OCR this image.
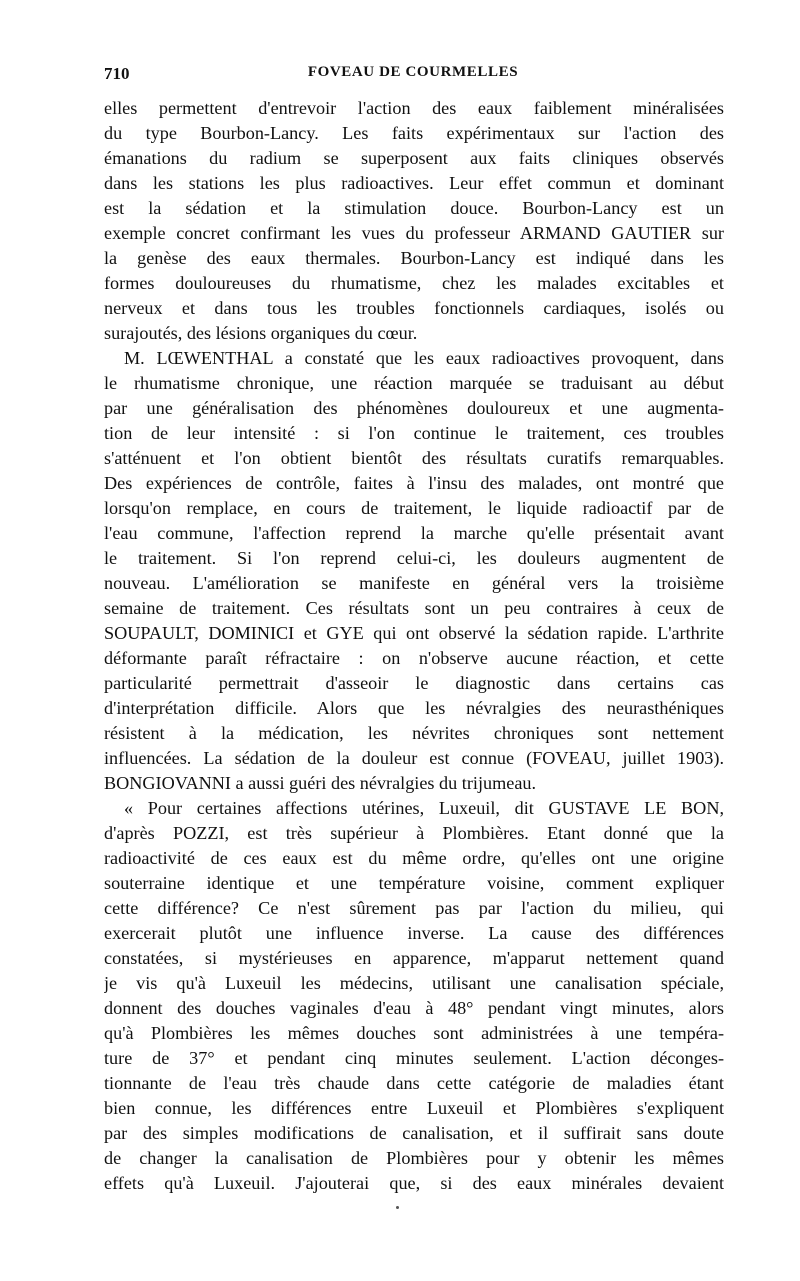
710	FOVEAU DE COURMELLES
elles permettent d'entrevoir l'action des eaux faiblement minéralisées
du type Bourbon-Lancy. Les faits expérimentaux sur l'action des
émanations du radium se superposent aux faits cliniques observés
dans les stations les plus radioactives. Leur effet commun et dominant
est la sédation et la stimulation douce. Bourbon-Lancy est un
exemple concret confirmant les vues du professeur ARMAND GAUTIER sur
la genèse des eaux thermales. Bourbon-Lancy est indiqué dans les
formes douloureuses du rhumatisme, chez les malades excitables et
nerveux et dans tous les troubles fonctionnels cardiaques, isolés ou
surajoutés, des lésions organiques du cœur.
M. LŒWENTHAL a constaté que les eaux radioactives provoquent, dans
le rhumatisme chronique, une réaction marquée se traduisant au début
par une généralisation des phénomènes douloureux et une augmenta-
tion de leur intensité : si l'on continue le traitement, ces troubles
s'atténuent et l'on obtient bientôt des résultats curatifs remarquables.
Des expériences de contrôle, faites à l'insu des malades, ont montré que
lorsqu'on remplace, en cours de traitement, le liquide radioactif par de
l'eau commune, l'affection reprend la marche qu'elle présentait avant
le traitement. Si l'on reprend celui-ci, les douleurs augmentent de
nouveau. L'amélioration se manifeste en général vers la troisième
semaine de traitement. Ces résultats sont un peu contraires à ceux de
SOUPAULT, DOMINICI et GYE qui ont observé la sédation rapide. L'arthrite
déformante paraît réfractaire : on n'observe aucune réaction, et cette
particularité permettrait d'asseoir le diagnostic dans certains cas
d'interprétation difficile. Alors que les névralgies des neurasthéniques
résistent à la médication, les névrites chroniques sont nettement
influencées. La sédation de la douleur est connue (FOVEAU, juillet 1903).
BONGIOVANNI a aussi guéri des névralgies du trijumeau.
« Pour certaines affections utérines, Luxeuil, dit GUSTAVE LE BON,
d'après POZZI, est très supérieur à Plombières. Etant donné que la
radioactivité de ces eaux est du même ordre, qu'elles ont une origine
souterraine identique et une température voisine, comment expliquer
cette différence? Ce n'est sûrement pas par l'action du milieu, qui
exercerait plutôt une influence inverse. La cause des différences
constatées, si mystérieuses en apparence, m'apparut nettement quand
je vis qu'à Luxeuil les médecins, utilisant une canalisation spéciale,
donnent des douches vaginales d'eau à 48° pendant vingt minutes, alors
qu'à Plombières les mêmes douches sont administrées à une tempéra-
ture de 37° et pendant cinq minutes seulement. L'action déconges-
tionnante de l'eau très chaude dans cette catégorie de maladies étant
bien connue, les différences entre Luxeuil et Plombières s'expliquent
par des simples modifications de canalisation, et il suffirait sans doute
de changer la canalisation de Plombières pour y obtenir les mêmes
effets qu'à Luxeuil. J'ajouterai que, si des eaux minérales devaient
